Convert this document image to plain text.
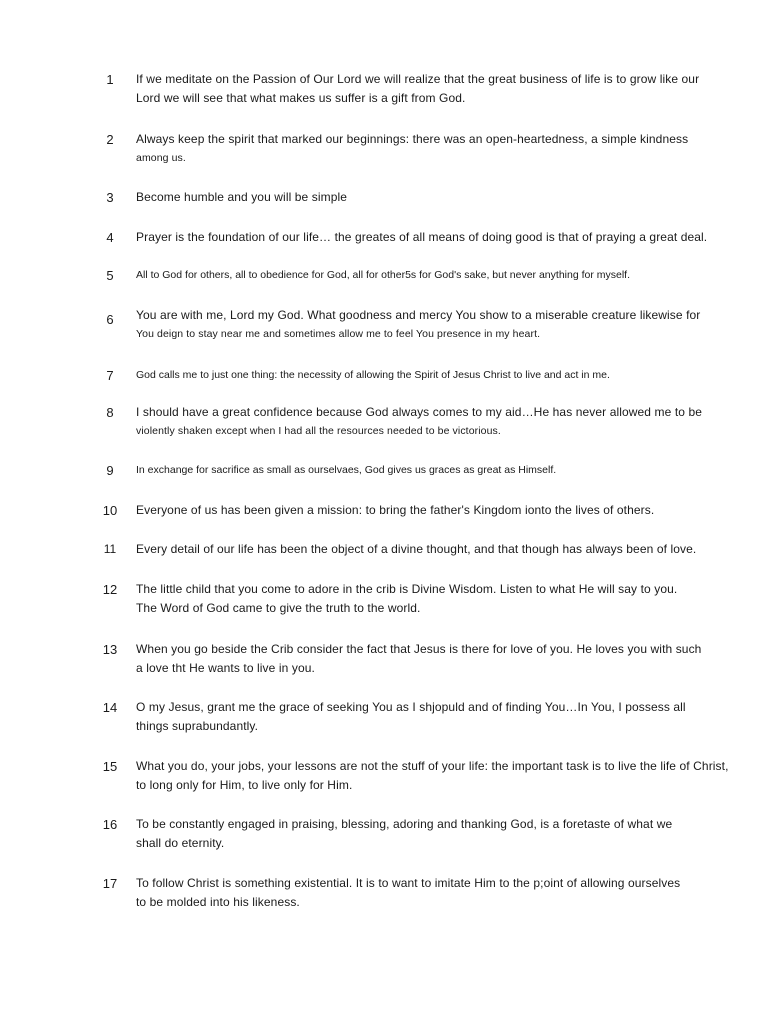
1	If we meditate on the Passion of Our Lord we will realize that the great business of life is to grow like our
Lord we will see that what makes us suffer is a gift from God.
2	Always keep the spirit that marked our beginnings: there was an open-heartedness, a simple kindness
among us.
3	Become humble and you will be simple
4	Prayer is the foundation of our life… the greates of all means of doing good is that of praying a great deal.
5	All to God for others, all to obedience for God, all for other5s for God's sake, but never anything for myself.
6	You are with me, Lord my God. What goodness and mercy You show to a miserable creature likewise for
You deign to stay near me and sometimes allow me to feel You presence in my heart.
7	God calls me to just one thing: the necessity of allowing the Spirit of Jesus Christ to live and act in me.
8	I should have a great confidence because God always comes to my aid…He has never allowed me to be
violently shaken except when I had all the resources needed to be victorious.
9	In exchange for sacrifice as small as ourselvaes, God gives us graces as great as Himself.
10	Everyone of us has been given a mission: to bring the father's Kingdom ionto the lives of others.
11	Every detail of our life has been the object of a divine thought, and that though has always been of love.
12	The little child that you come to adore in the crib is Divine Wisdom. Listen to what He will say to you.
The Word of God came to give the truth to the world.
13	When you go beside the Crib consider the fact that Jesus is there for love of you. He loves you with such
a love tht He wants to live in you.
14	O my Jesus, grant me the grace of seeking You as I shjopuld and of finding You…In You, I possess all
things suprabundantly.
15	What you do, your jobs, your lessons are not the stuff of your life: the important task is to live the life of Christ,
to long only for Him, to live only for Him.
16	To be constantly engaged in praising, blessing, adoring and thanking God, is a foretaste of what we
shall do eternity.
17	To follow Christ is something existential. It is to want to imitate Him to the p;oint of allowing ourselves
to be molded into his likeness.
